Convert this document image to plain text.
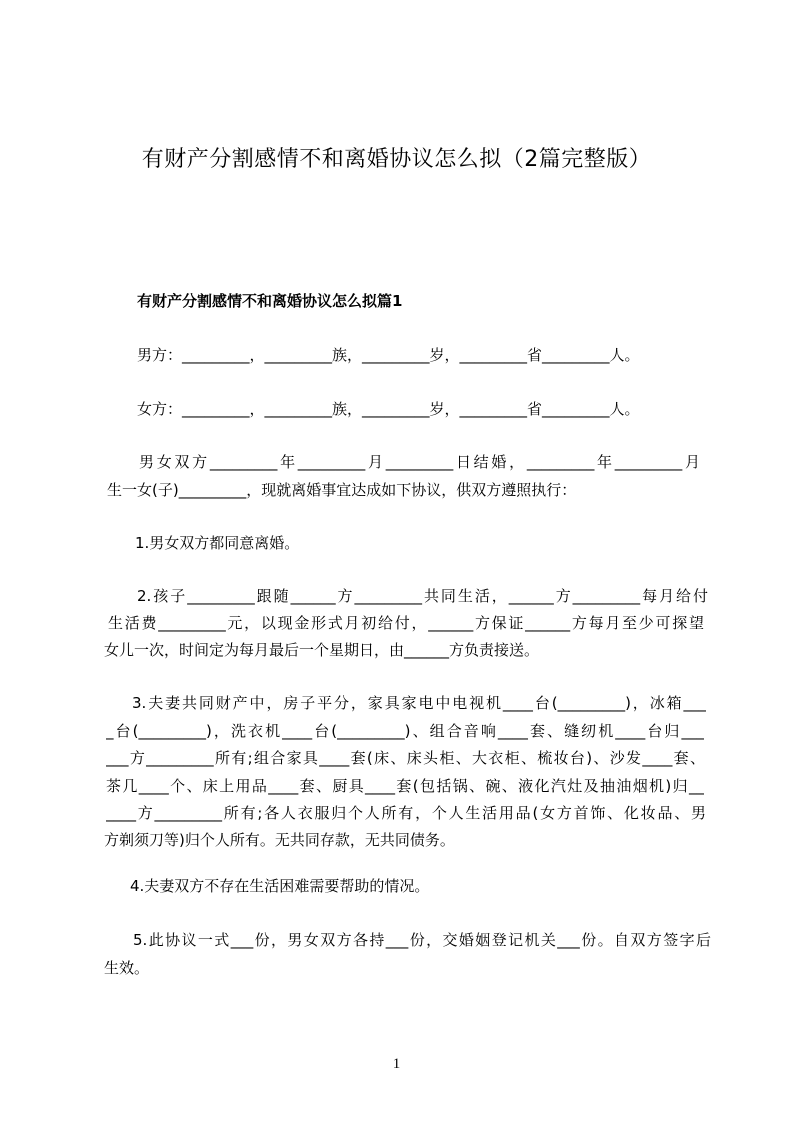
有财产分割感情不和离婚协议怎么拟（2篇完整版）
有财产分割感情不和离婚协议怎么拟篇1
男方：_________，_________族，_________岁，_________省_________人。
女方：_________，_________族，_________岁，_________省_________人。
男女双方_________年_________月_________日结婚，_________年_________月
生一女(子)_________，现就离婚事宜达成如下协议，供双方遵照执行：
1.男女双方都同意离婚。
2.孩子_________跟随______方_________共同生活，______方_________每月给付
生活费_________元，以现金形式月初给付，______方保证______方每月至少可探望
女儿一次，时间定为每月最后一个星期日，由______方负责接送。
3.夫妻共同财产中，房子平分，家具家电中电视机____台(_________)，冰箱___
_台(_________)，洗衣机____台(_________)、组合音响____套、缝纫机____台归___
___方_________所有;组合家具____套(床、床头柜、大衣柜、梳妆台)、沙发____套、
茶几____个、床上用品____套、厨具____套(包括锅、碗、液化汽灶及抽油烟机)归__
____方_________所有;各人衣服归个人所有，个人生活用品(女方首饰、化妆品、男
方剃须刀等)归个人所有。无共同存款，无共同债务。
4.夫妻双方不存在生活困难需要帮助的情况。
5.此协议一式___份，男女双方各持___份，交婚姻登记机关___份。自双方签字后
生效。
1
